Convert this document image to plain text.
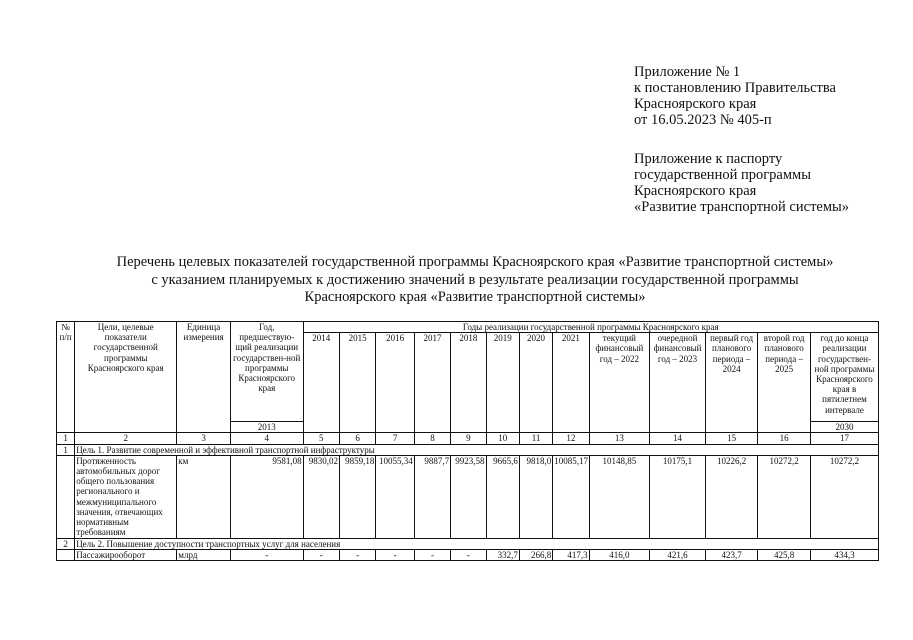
Приложение № 1
к постановлению Правительства
Красноярского края
от 16.05.2023 № 405-п
Приложение к паспорту
государственной программы
Красноярского края
«Развитие транспортной системы»
Перечень целевых показателей государственной программы Красноярского края «Развитие транспортной системы»
с указанием планируемых к достижению значений в результате реализации государственной программы
Красноярского края «Развитие транспортной системы»
№ п/п	Цели, целевые показатели государственной программы Красноярского края	Единица измерения	Год, предшествую-щий реализации государствен-ной программы Красноярского края	Годы реализации государственной программы Красноярского края												
				2014	2015	2016	2017	2018	2019	2020	2021	текущий финансовый год – 2022	очередной финансовый год – 2023	первый год планового периода – 2024	второй год планового периода – 2025	год до конца реализации государствен-ной программы Красноярского края в пятилетнем интервале
			2013													2030
1	2	3	4	5	6	7	8	9	10	11	12	13	14	15	16	17
1	Цель 1. Развитие современной и эффективной транспортной инфраструктуры															
	Протяженность автомобильных дорог общего пользования регионального и межмуниципального значения, отвечающих нормативным требованиям	км	9581,08	9830,02	9859,18	10055,34	9887,7	9923,58	9665,6	9818,0	10085,17	10148,85	10175,1	10226,2	10272,2	10272,2
2	Цель 2. Повышение доступности транспортных услуг для населения															
	Пассажирооборот	млрд	-	-	-	-	-	-	332,7	266,8	417,3	416,0	421,6	423,7	425,8	434,3
